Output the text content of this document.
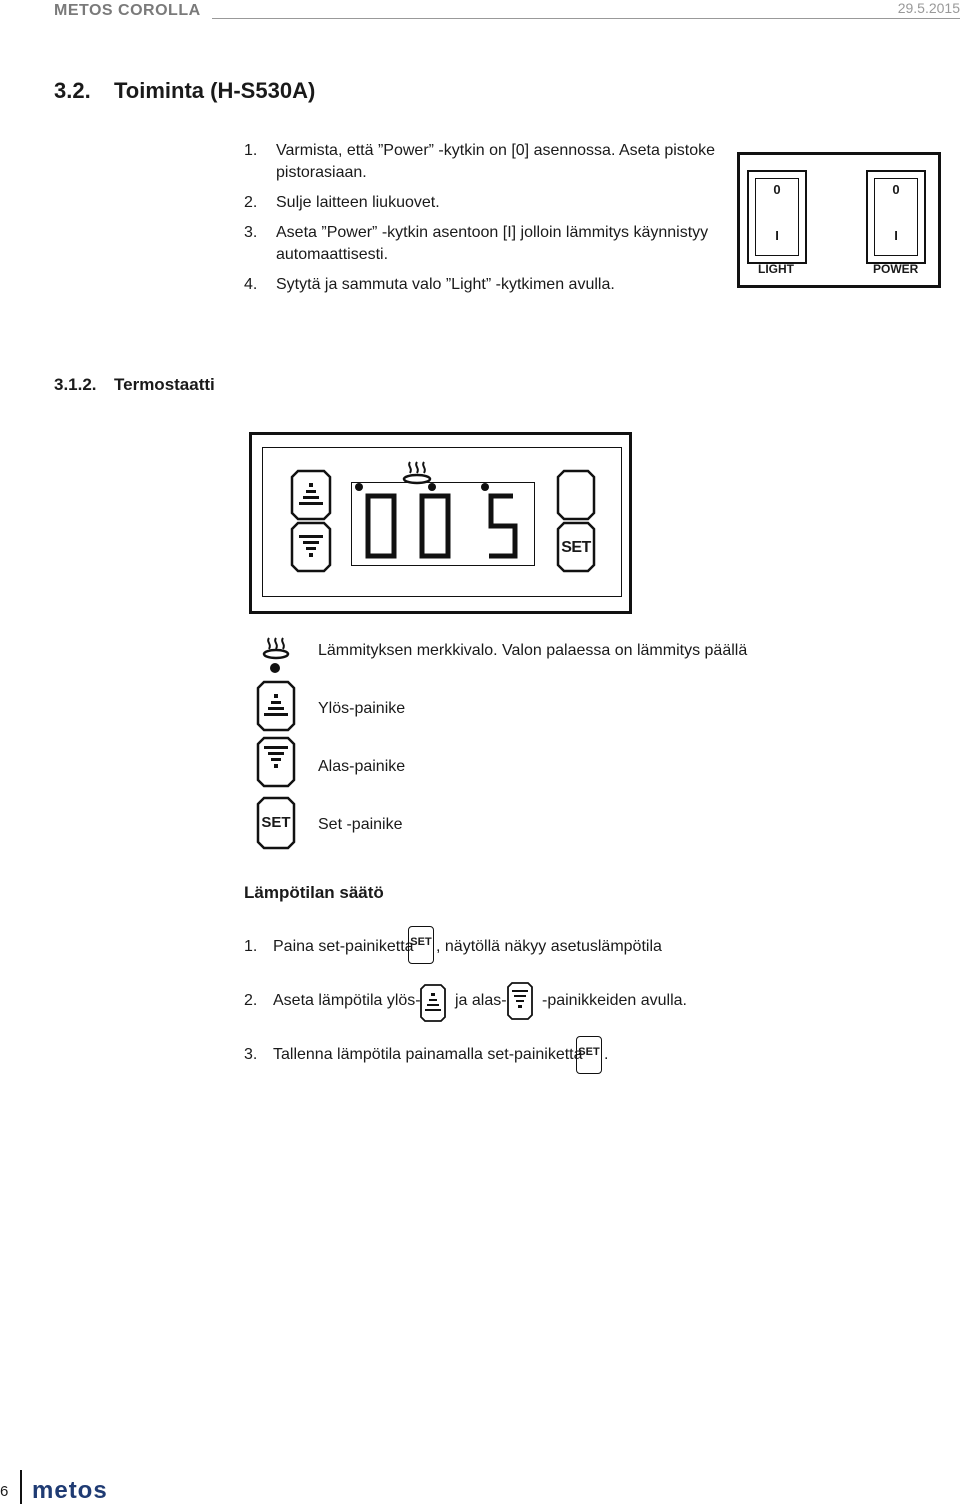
METOS COROLLA	29.5.2015
3.2. Toiminta (H-S530A)
1. Varmista, että ”Power” -kytkin on [0] asennossa. Aseta pistoke pistorasiaan.
2. Sulje laitteen liukuovet.
3. Aseta ”Power” -kytkin asentoon [I] jolloin lämmitys käynnistyy automaattisesti.
4. Sytytä ja sammuta valo ”Light” -kytkimen avulla.
0
I
LIGHT
0
I
POWER
3.1.2. Termostaatti
SET
Lämmityksen merkkivalo. Valon palaessa on lämmitys päällä
Ylös-painike
Alas-painike
SET Set -painike
Lämpötilan säätö
1. Paina set-painiketta
SET , näytöllä näkyy asetuslämpötila
2. Aseta lämpötila ylös- ja alas- -painikkeiden avulla.
3. Tallenna lämpötila painamalla set-painiketta
SET .
6 metos
